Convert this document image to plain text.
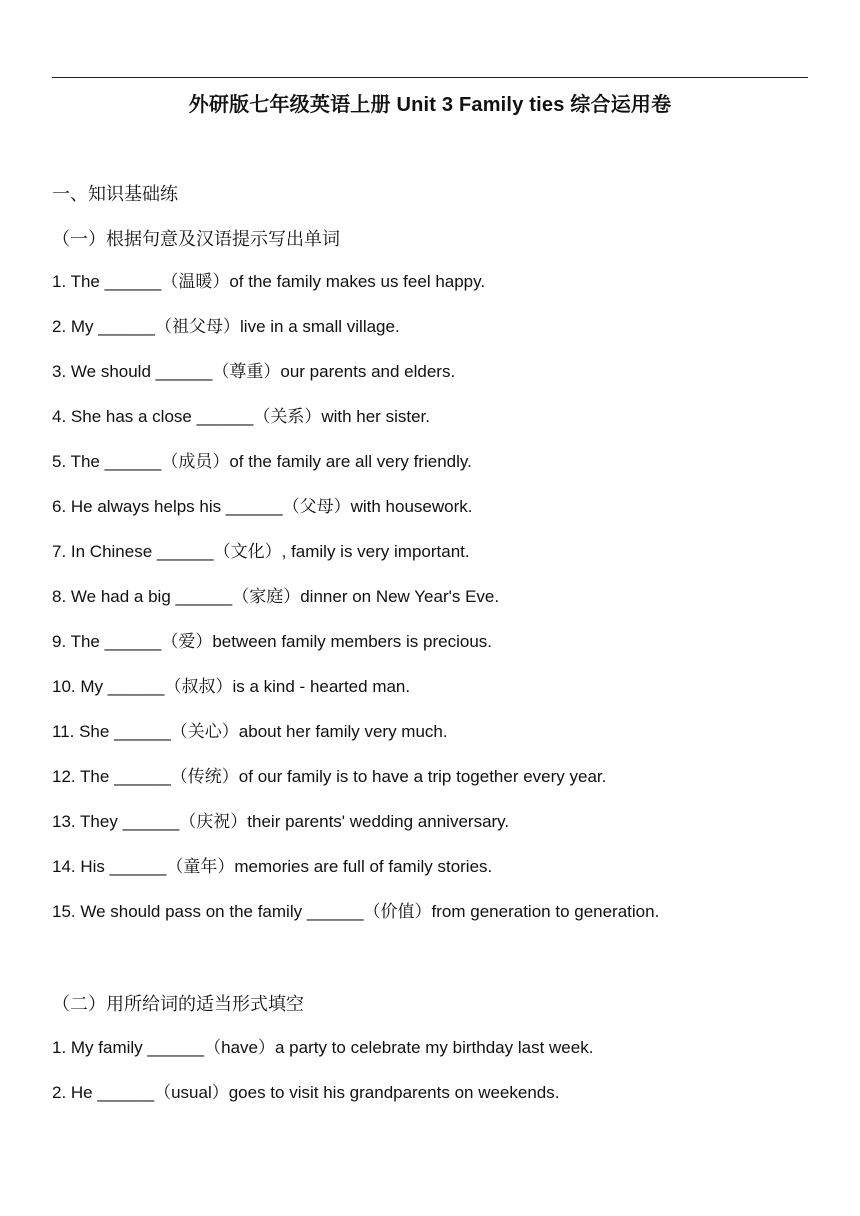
外研版七年级英语上册 Unit 3 Family ties 综合运用卷
一、知识基础练
（一）根据句意及汉语提示写出单词
1. The ______（温暖）of the family makes us feel happy.
2. My ______（祖父母）live in a small village.
3. We should ______（尊重）our parents and elders.
4. She has a close ______（关系）with her sister.
5. The ______（成员）of the family are all very friendly.
6. He always helps his ______（父母）with housework.
7. In Chinese ______（文化）, family is very important.
8. We had a big ______（家庭）dinner on New Year's Eve.
9. The ______（爱）between family members is precious.
10. My ______（叔叔）is a kind - hearted man.
11. She ______（关心）about her family very much.
12. The ______（传统）of our family is to have a trip together every year.
13. They ______（庆祝）their parents' wedding anniversary.
14. His ______（童年）memories are full of family stories.
15. We should pass on the family ______（价值）from generation to generation.
（二）用所给词的适当形式填空
1. My family ______（have）a party to celebrate my birthday last week.
2. He ______（usual）goes to visit his grandparents on weekends.
